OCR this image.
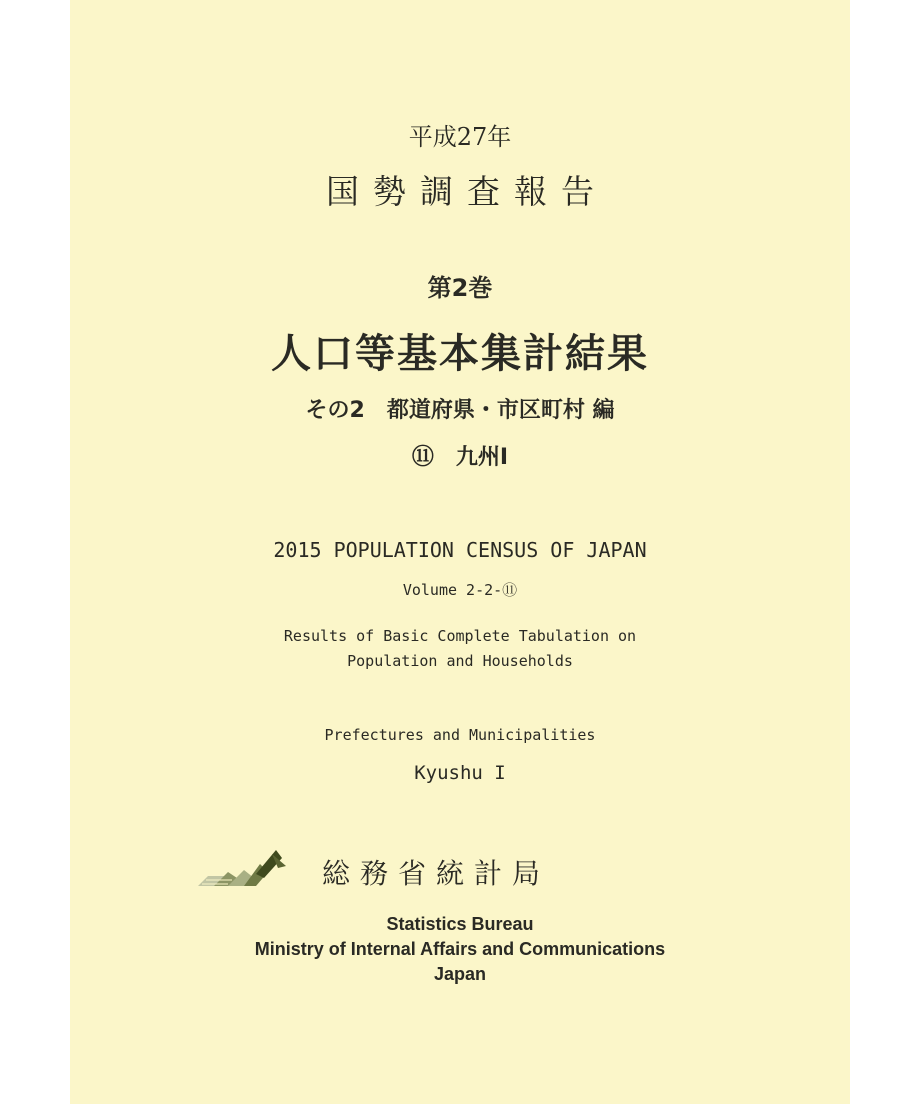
平成27年
国勢調査報告
第2巻
人口等基本集計結果
その2　都道府県・市区町村 編
⑪　九州Ⅰ
2015 POPULATION CENSUS OF JAPAN
Volume 2-2-⑪
Results of Basic Complete Tabulation on
Population and Households
Prefectures and Municipalities
Kyushu I
総務省統計局
Statistics Bureau
Ministry of Internal Affairs and Communications
Japan
